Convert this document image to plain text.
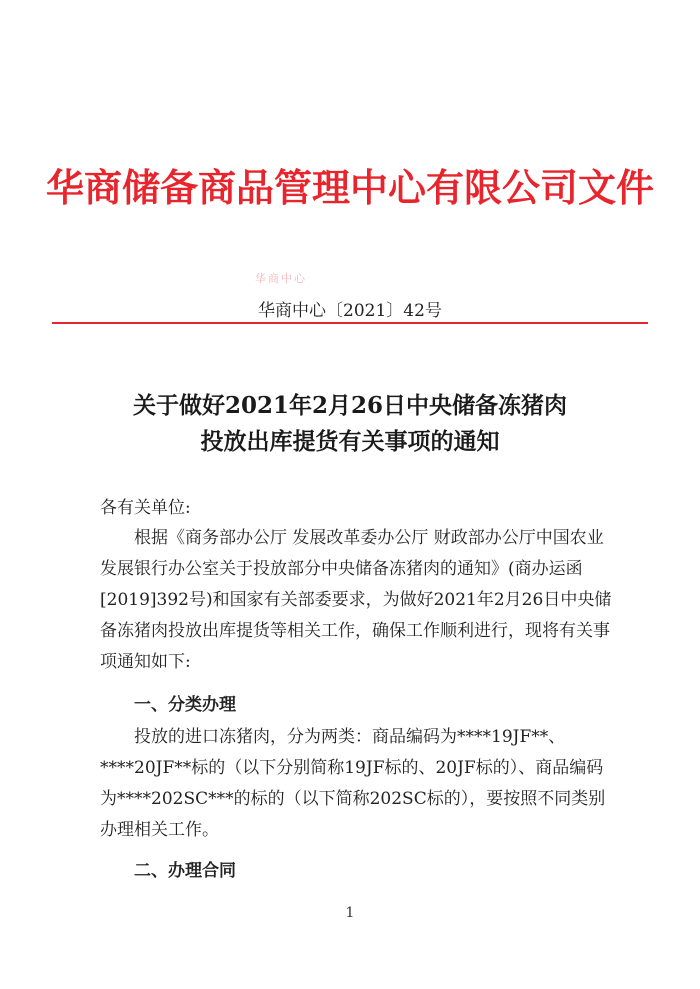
华商储备商品管理中心有限公司文件
华商中心
华商中心〔2021〕42号
关于做好2021年2月26日中央储备冻猪肉
投放出库提货有关事项的通知
各有关单位:
根据《商务部办公厅 发展改革委办公厅 财政部办公厅中国农业发展银行办公室关于投放部分中央储备冻猪肉的通知》(商办运函[2019]392号)和国家有关部委要求，为做好2021年2月26日中央储备冻猪肉投放出库提货等相关工作，确保工作顺利进行，现将有关事项通知如下:
一、分类办理
投放的进口冻猪肉，分为两类：商品编码为****19JF**、****20JF**标的（以下分别简称19JF标的、20JF标的）、商品编码为****202SC***的标的（以下简称202SC标的），要按照不同类别办理相关工作。
二、办理合同
1
